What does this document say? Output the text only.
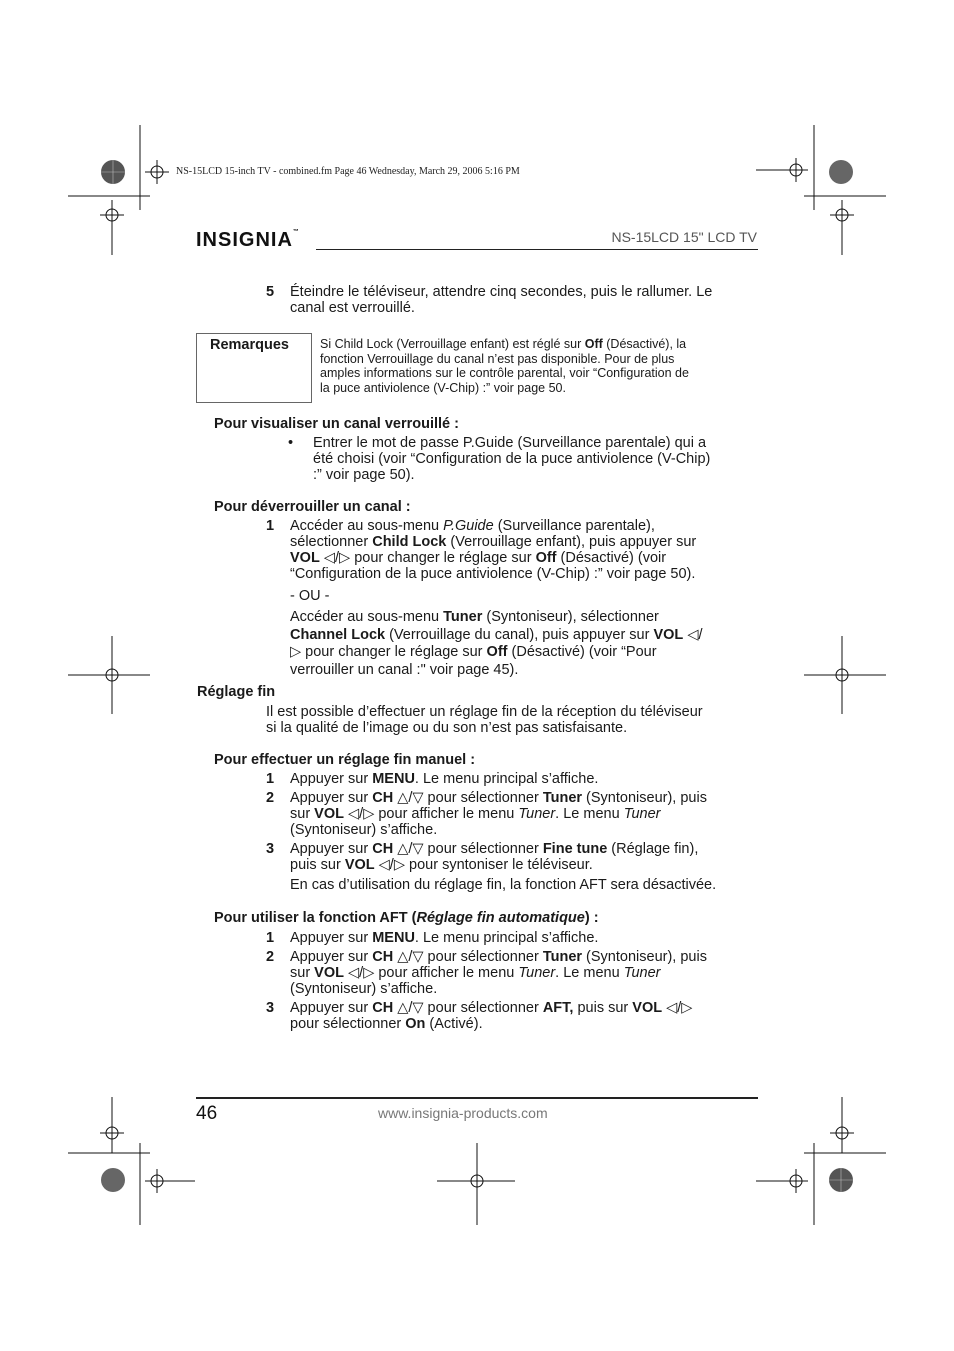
NS-15LCD 15-inch TV - combined.fm Page 46 Wednesday, March 29, 2006 5:16 PM
INSIGNIA™	NS-15LCD 15" LCD TV
5 Éteindre le téléviseur, attendre cinq secondes, puis le rallumer. Le
canal est verrouillé.
Remarques Si Child Lock (Verrouillage enfant) est réglé sur Off (Désactivé), la
fonction Verrouillage du canal n’est pas disponible. Pour de plus
amples informations sur le contrôle parental, voir “Configuration de
la puce antiviolence (V-Chip) :” voir page 50.
Pour visualiser un canal verrouillé :
• Entrer le mot de passe P.Guide (Surveillance parentale) qui a
été choisi (voir “Configuration de la puce antiviolence (V-Chip)
:” voir page 50).
Pour déverrouiller un canal :
1 Accéder au sous-menu P.Guide (Surveillance parentale),
sélectionner Child Lock (Verrouillage enfant), puis appuyer sur
VOL ◁/▷ pour changer le réglage sur Off (Désactivé) (voir
“Configuration de la puce antiviolence (V-Chip) :” voir page 50).
- OU -
Accéder au sous-menu Tuner (Syntoniseur), sélectionner
Channel Lock (Verrouillage du canal), puis appuyer sur VOL ◁/
▷ pour changer le réglage sur Off (Désactivé) (voir “Pour
verrouiller un canal :" voir page 45).
Réglage fin
Il est possible d’effectuer un réglage fin de la réception du téléviseur
si la qualité de l’image ou du son n’est pas satisfaisante.
Pour effectuer un réglage fin manuel :
1 Appuyer sur MENU. Le menu principal s’affiche.
2 Appuyer sur CH △/▽ pour sélectionner Tuner (Syntoniseur), puis
sur VOL ◁/▷ pour afficher le menu Tuner. Le menu Tuner
(Syntoniseur) s’affiche.
3 Appuyer sur CH △/▽ pour sélectionner Fine tune (Réglage fin),
puis sur VOL ◁/▷ pour syntoniser le téléviseur.
En cas d’utilisation du réglage fin, la fonction AFT sera désactivée.
Pour utiliser la fonction AFT (Réglage fin automatique) :
1 Appuyer sur MENU. Le menu principal s’affiche.
2 Appuyer sur CH △/▽ pour sélectionner Tuner (Syntoniseur), puis
sur VOL ◁/▷ pour afficher le menu Tuner. Le menu Tuner
(Syntoniseur) s’affiche.
3 Appuyer sur CH △/▽ pour sélectionner AFT, puis sur VOL ◁/▷
pour sélectionner On (Activé).
46	www.insignia-products.com
